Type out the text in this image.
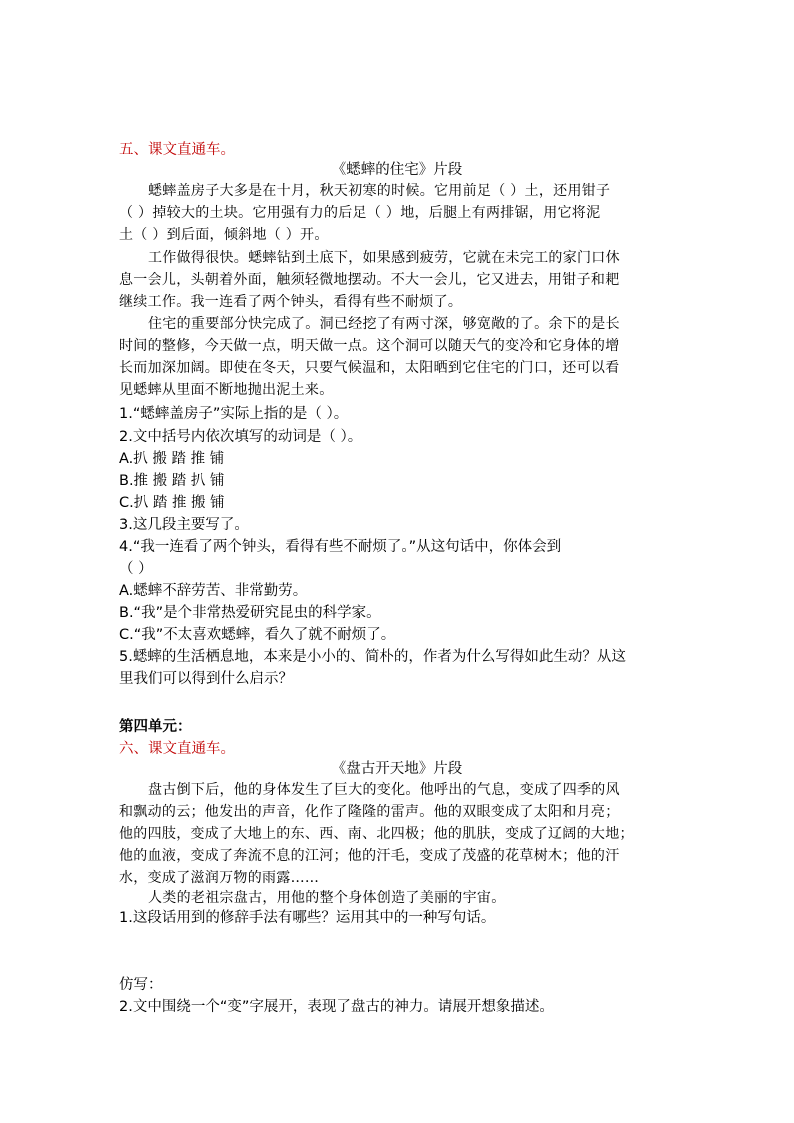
五、课文直通车。
《蟋蟀的住宅》片段
蟋蟀盖房子大多是在十月，秋天初寒的时候。它用前足（ ）土，还用钳子
（ ）掉较大的土块。它用强有力的后足（ ）地，后腿上有两排锯，用它将泥
土（ ）到后面，倾斜地（ ）开。
工作做得很快。蟋蟀钻到土底下，如果感到疲劳，它就在未完工的家门口休
息一会儿，头朝着外面，触须轻微地摆动。不大一会儿，它又进去，用钳子和耙
继续工作。我一连看了两个钟头，看得有些不耐烦了。
住宅的重要部分快完成了。洞已经挖了有两寸深，够宽敞的了。余下的是长
时间的整修，今天做一点，明天做一点。这个洞可以随天气的变冷和它身体的增
长而加深加阔。即使在冬天，只要气候温和，太阳晒到它住宅的门口，还可以看
见蟋蟀从里面不断地抛出泥土来。
1.“蟋蟀盖房子”实际上指的是（ ）。
2.文中括号内依次填写的动词是（ ）。
A.扒 搬 踏 推 铺
B.推 搬 踏 扒 铺
C.扒 踏 推 搬 铺
3.这几段主要写了。
4.“我一连看了两个钟头，看得有些不耐烦了。”从这句话中，你体会到
（ ）
A.蟋蟀不辞劳苦、非常勤劳。
B.“我”是个非常热爱研究昆虫的科学家。
C.“我”不太喜欢蟋蟀，看久了就不耐烦了。
5.蟋蟀的生活栖息地，本来是小小的、简朴的，作者为什么写得如此生动？从这
里我们可以得到什么启示？
第四单元：
六、课文直通车。
《盘古开天地》片段
盘古倒下后，他的身体发生了巨大的变化。他呼出的气息，变成了四季的风
和飘动的云；他发出的声音，化作了隆隆的雷声。他的双眼变成了太阳和月亮；
他的四肢，变成了大地上的东、西、南、北四极；他的肌肤，变成了辽阔的大地；
他的血液，变成了奔流不息的江河；他的汗毛，变成了茂盛的花草树木；他的汗
水，变成了滋润万物的雨露……
人类的老祖宗盘古，用他的整个身体创造了美丽的宇宙。
1.这段话用到的修辞手法有哪些？运用其中的一种写句话。
仿写：
2.文中围绕一个“变”字展开，表现了盘古的神力。请展开想象描述。
